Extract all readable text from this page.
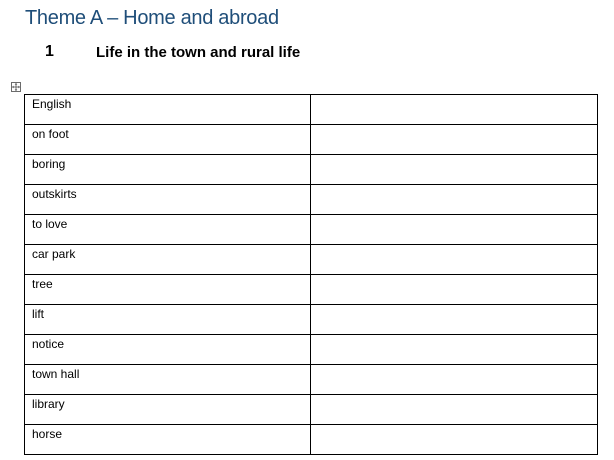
Theme A – Home and abroad
1	Life in the town and rural life
English	
on foot	
boring	
outskirts	
to love	
car park	
tree	
lift	
notice	
town hall	
library	
horse	
